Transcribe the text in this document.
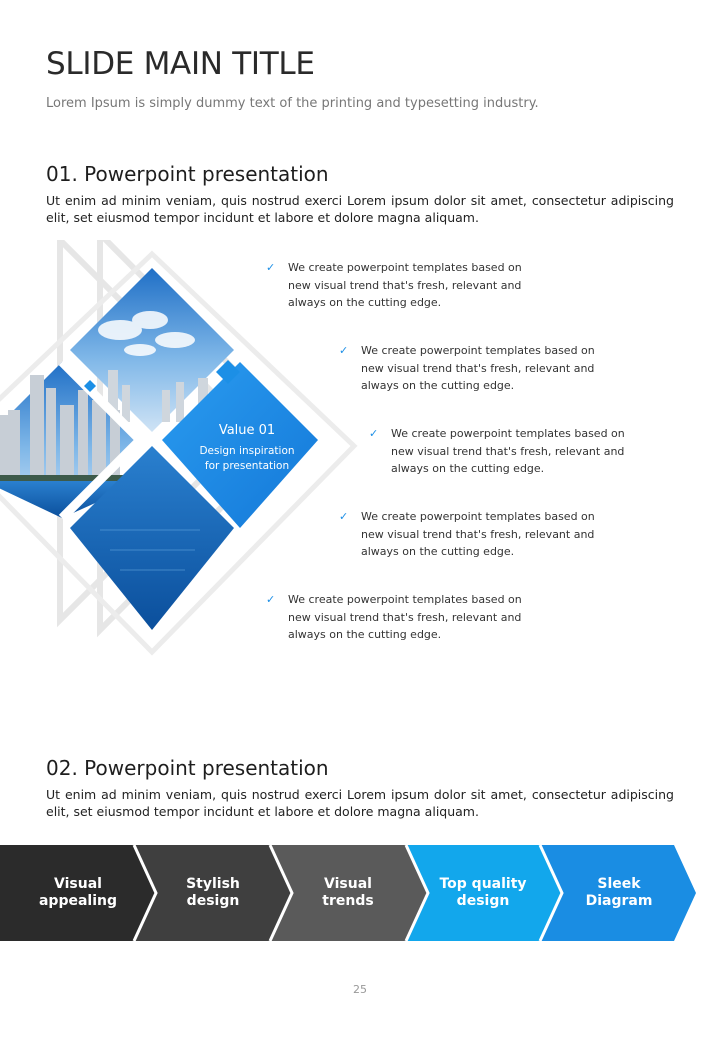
SLIDE MAIN TITLE
Lorem Ipsum is simply dummy text of the printing and typesetting industry.
01. Powerpoint presentation
Ut enim ad minim veniam, quis nostrud exerci Lorem ipsum dolor sit amet, consectetur adipiscing elit, set eiusmod tempor incidunt et labore et dolore magna aliquam.
Value 01
Design inspiration
for presentation
✓ We create powerpoint templates based on new visual trend that's fresh, relevant and always on the cutting edge.
✓ We create powerpoint templates based on new visual trend that's fresh, relevant and always on the cutting edge.
✓ We create powerpoint templates based on new visual trend that's fresh, relevant and always on the cutting edge.
✓ We create powerpoint templates based on new visual trend that's fresh, relevant and always on the cutting edge.
✓ We create powerpoint templates based on new visual trend that's fresh, relevant and always on the cutting edge.
02. Powerpoint presentation
Ut enim ad minim veniam, quis nostrud exerci Lorem ipsum dolor sit amet, consectetur adipiscing elit, set eiusmod tempor incidunt et labore et dolore magna aliquam.
Visual
appealing
Stylish
design
Visual
trends
Top quality
design
Sleek
Diagram
25
